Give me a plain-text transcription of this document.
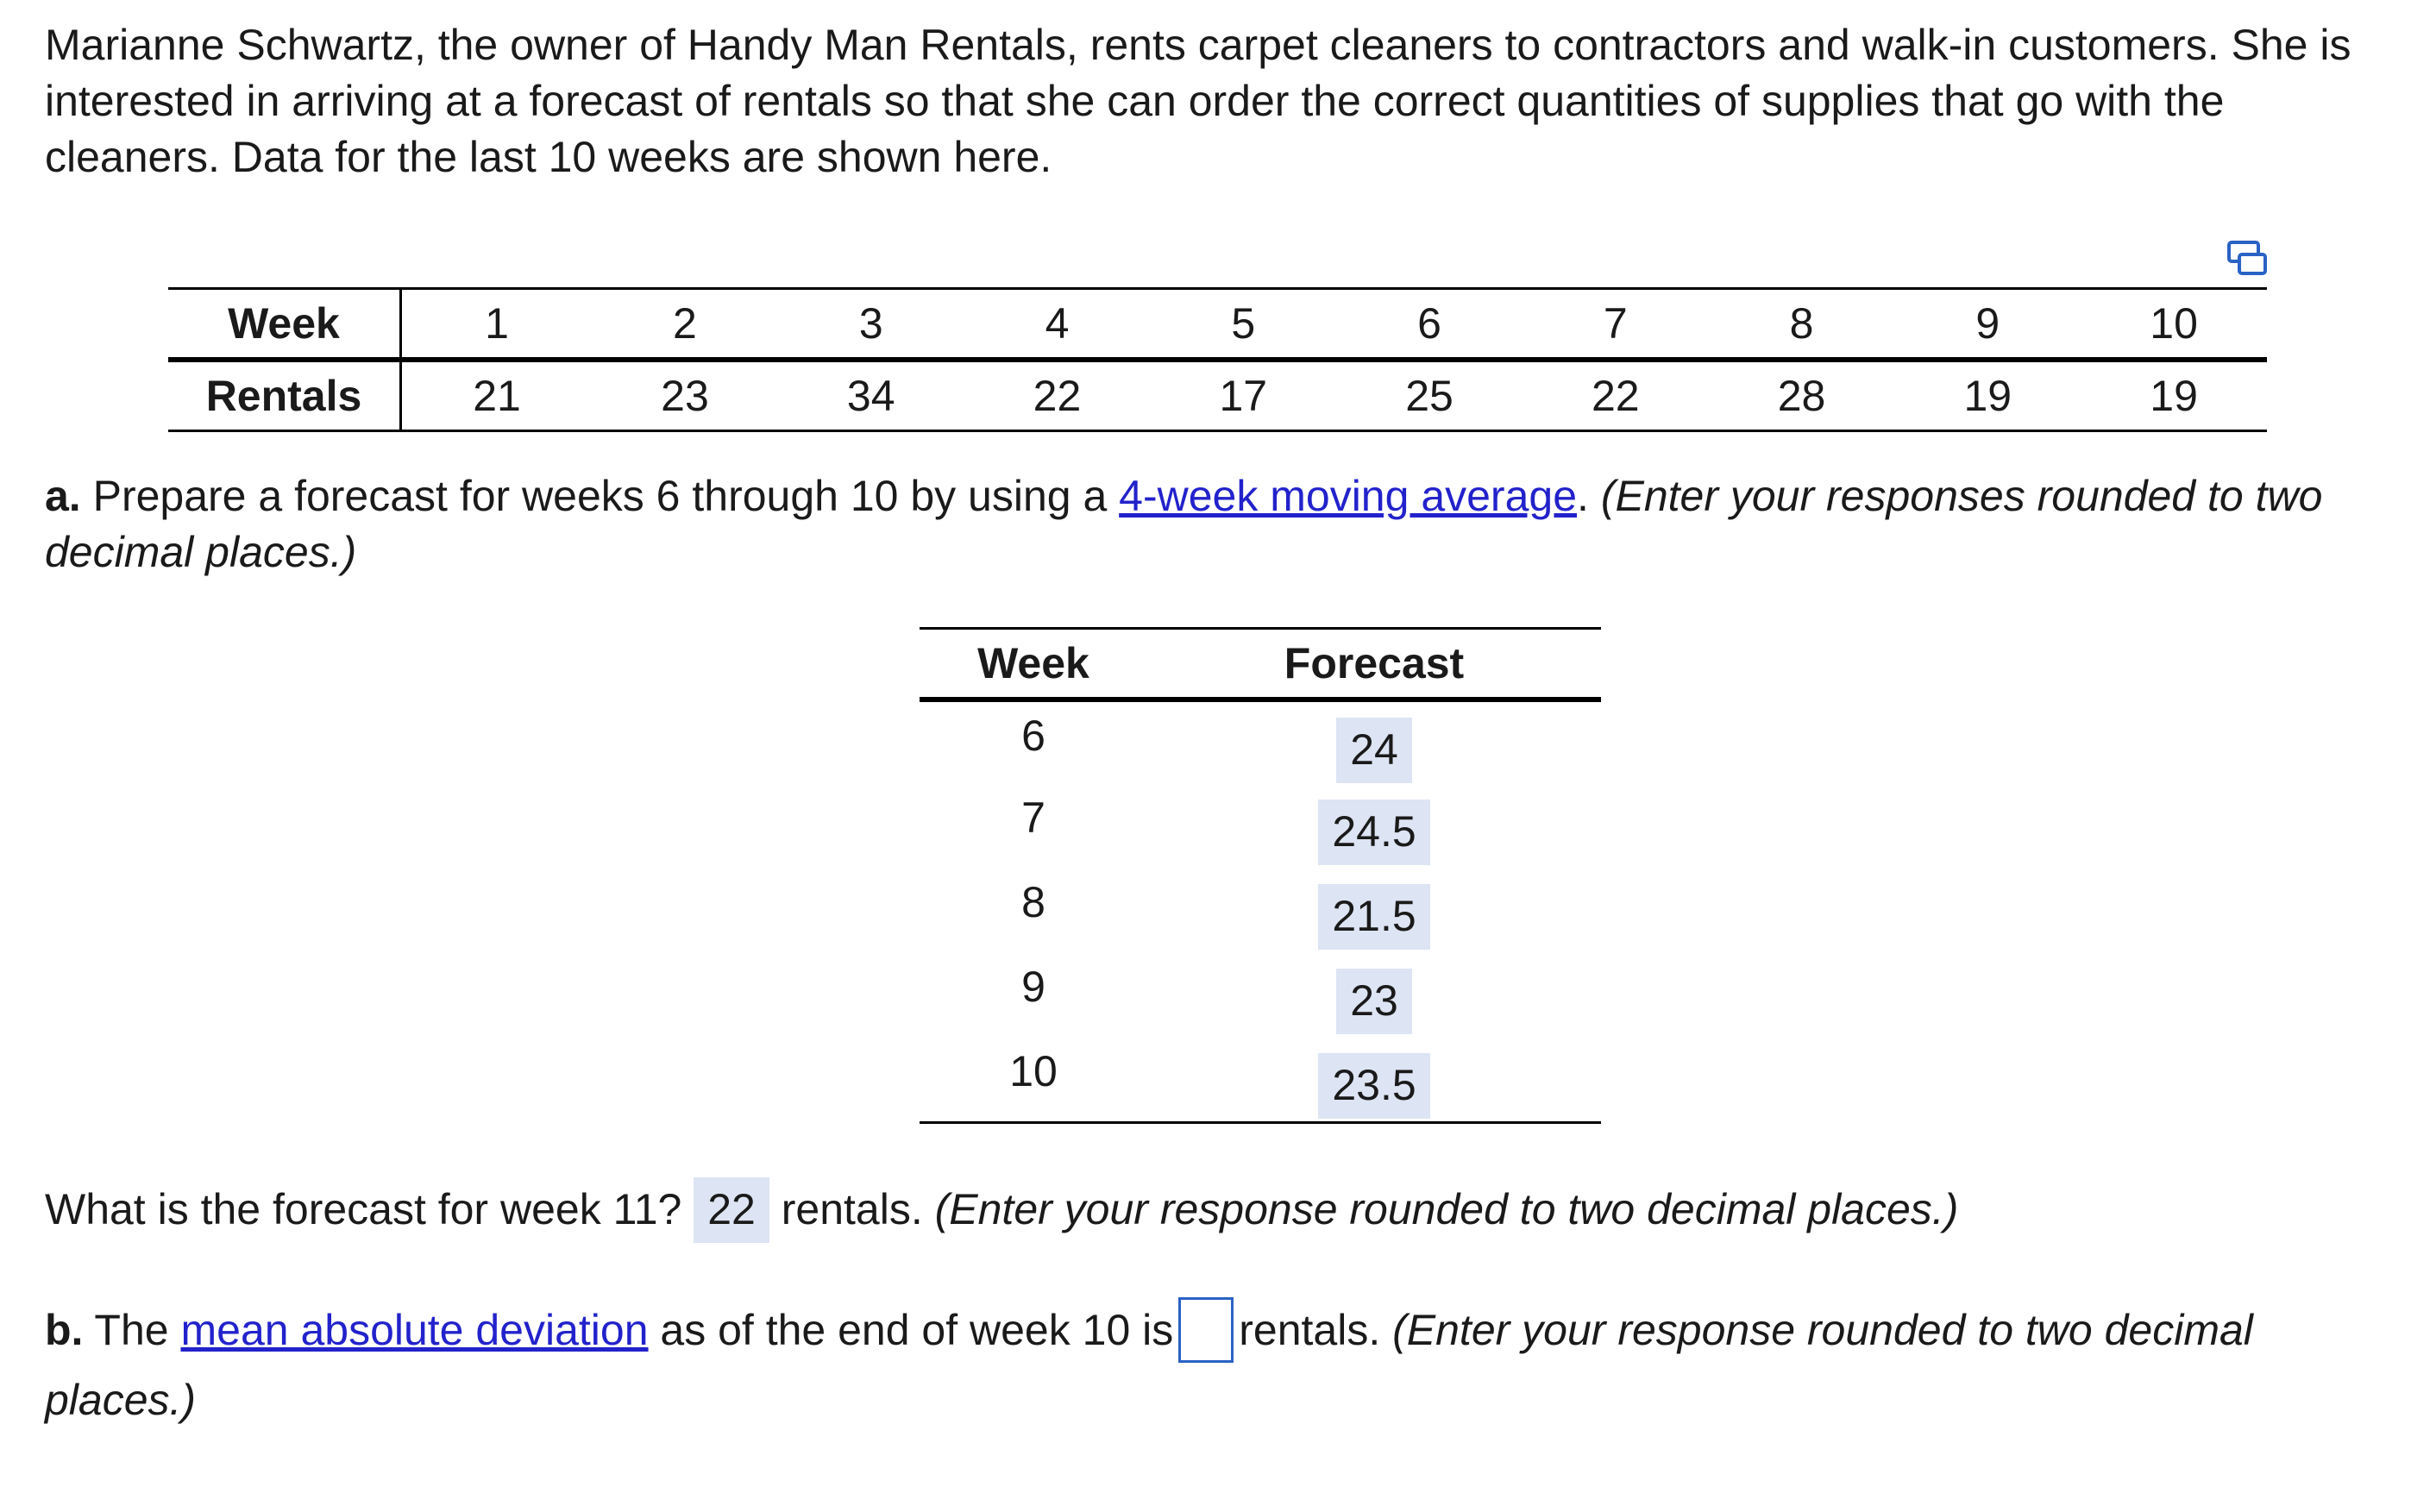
Marianne Schwartz, the owner of Handy Man Rentals, rents carpet cleaners to contractors and walk-in customers. She is interested in arriving at a forecast of rentals so that she can order the correct quantities of supplies that go with the cleaners. Data for the last 10 weeks are shown here.

Week	1	2	3	4	5	6	7	8	9	10
Rentals	21	23	34	22	17	25	22	28	19	19

a. Prepare a forecast for weeks 6 through 10 by using a 4-week moving average. (Enter your responses rounded to two decimal places.)

Week	Forecast
6	24
7	24.5
8	21.5
9	23
10	23.5

What is the forecast for week 11? 22 rentals. (Enter your response rounded to two decimal places.)

b. The mean absolute deviation as of the end of week 10 is rentals. (Enter your response rounded to two decimal places.)
